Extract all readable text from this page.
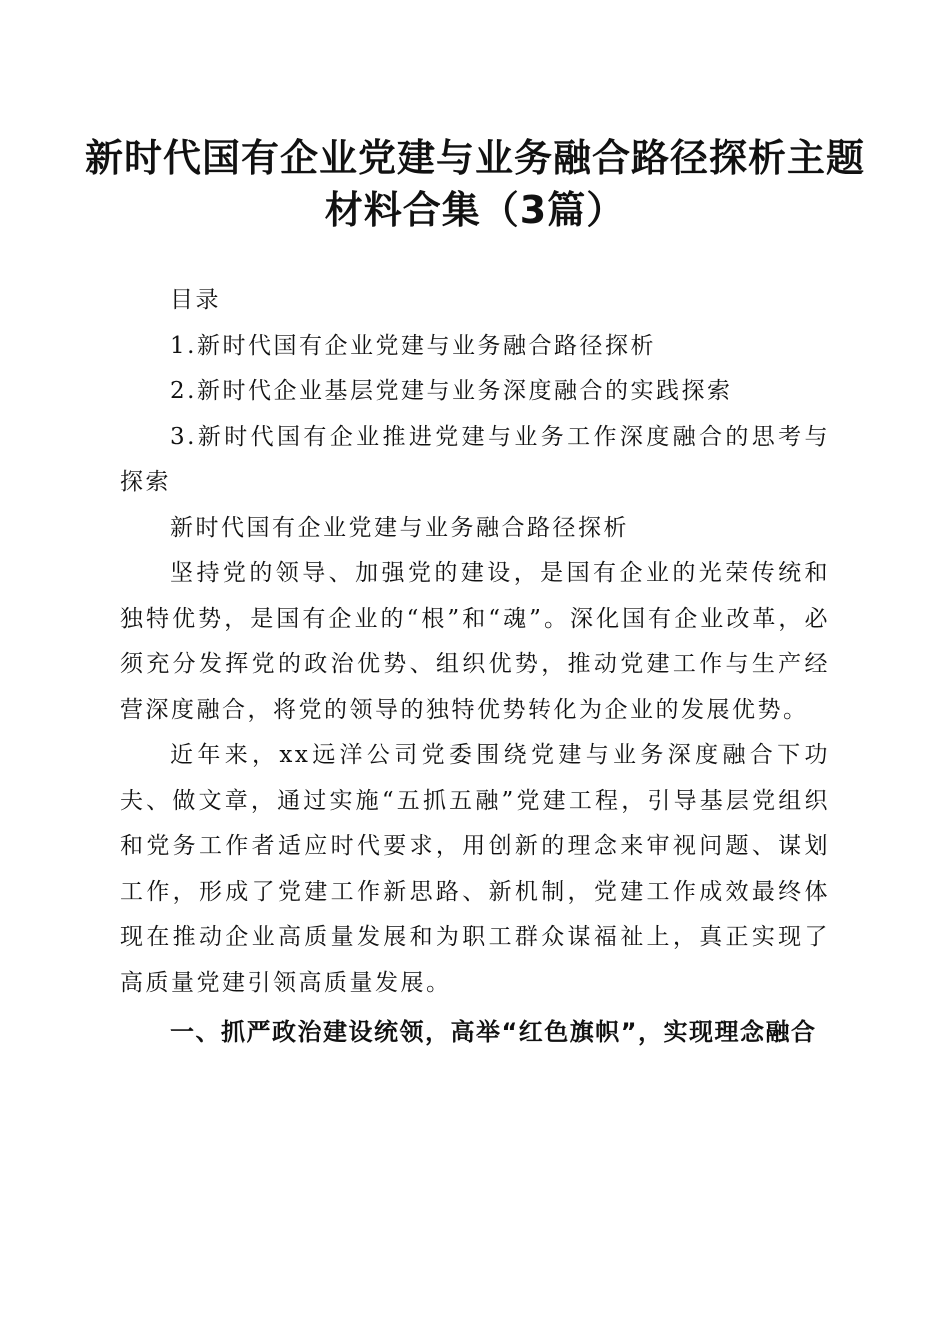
新时代国有企业党建与业务融合路径探析主题
材料合集（3篇）

目录

1.新时代国有企业党建与业务融合路径探析

2.新时代企业基层党建与业务深度融合的实践探索

3.新时代国有企业推进党建与业务工作深度融合的思考与探索

新时代国有企业党建与业务融合路径探析

坚持党的领导、加强党的建设，是国有企业的光荣传统和独特优势，是国有企业的“根”和“魂”。深化国有企业改革，必须充分发挥党的政治优势、组织优势，推动党建工作与生产经营深度融合，将党的领导的独特优势转化为企业的发展优势。

近年来，xx远洋公司党委围绕党建与业务深度融合下功夫、做文章，通过实施“五抓五融”党建工程，引导基层党组织和党务工作者适应时代要求，用创新的理念来审视问题、谋划工作，形成了党建工作新思路、新机制，党建工作成效最终体现在推动企业高质量发展和为职工群众谋福祉上，真正实现了高质量党建引领高质量发展。

一、抓严政治建设统领，高举“红色旗帜”，实现理念融合
